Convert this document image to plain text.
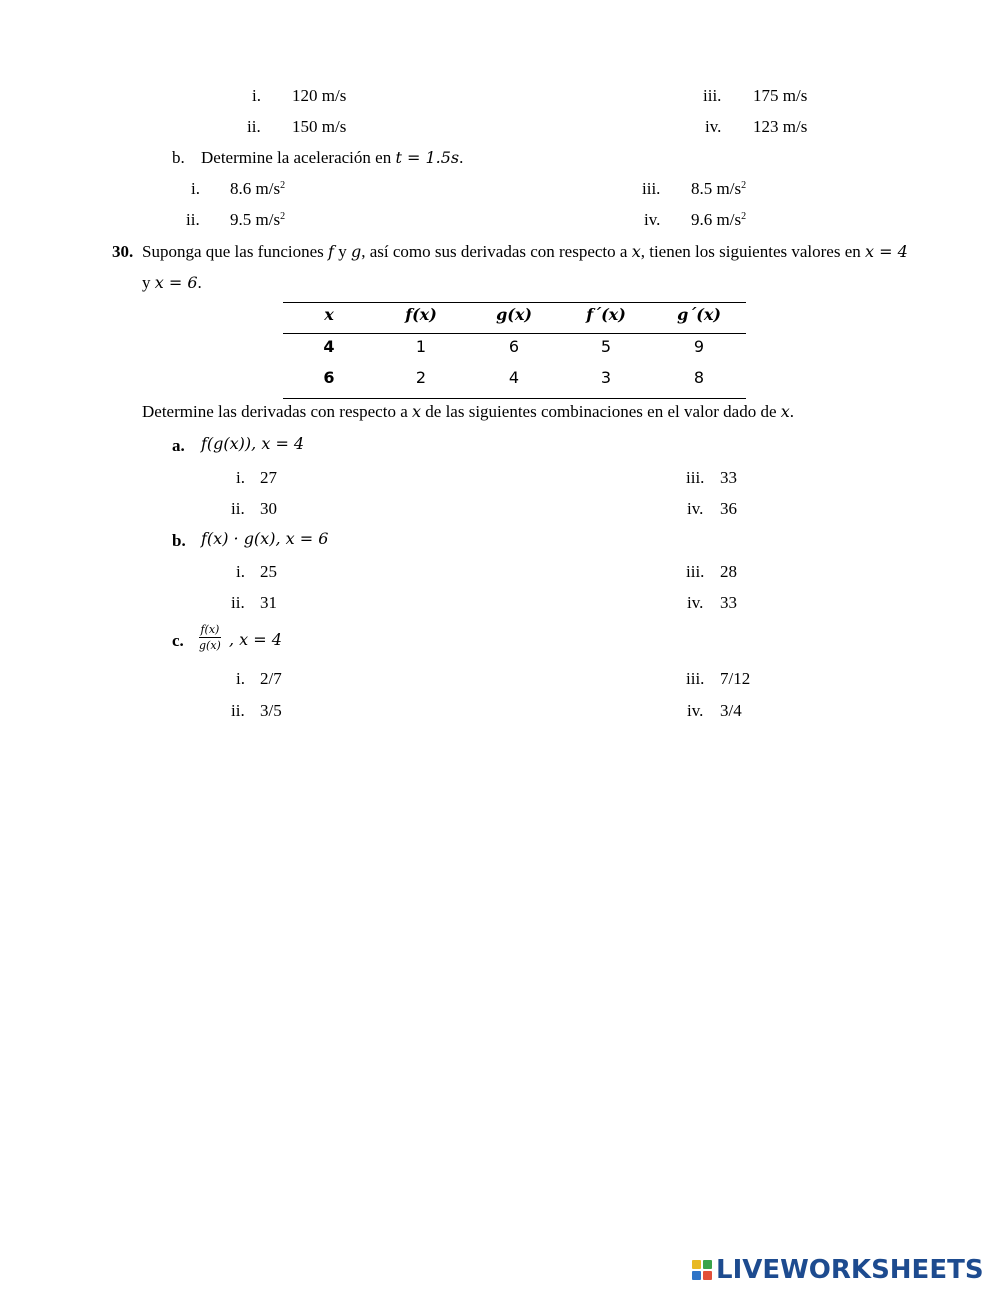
i. 120 m/s
ii. 150 m/s
iii. 175 m/s
iv. 123 m/s
b. Determine la aceleración en t = 1.5s.
i. 8.6 $m/s^2$
ii. 9.5 $m/s^2$
iii. 8.5 $m/s^2$
iv. 9.6 $m/s^2$
30. Suponga que las funciones f y g, así como sus derivadas con respecto a x, tienen los siguientes valores en x = 4
y x = 6.
x	f(x)	g(x)	f´(x)	g´(x)
4	1	6	5	9
6	2	4	3	8
Determine las derivadas con respecto a x de las siguientes combinaciones en el valor dado de x.
a. f(g(x)), x = 4
i. 27
ii. 30
iii. 33
iv. 36
b. f(x) · g(x), x = 6
i. 25
ii. 31
iii. 28
iv. 33
c. $\frac{f(x)}{g(x)}$ , x = 4
i. 2/7
ii. 3/5
iii. 7/12
iv. 3/4
LIVEWORKSHEETS
